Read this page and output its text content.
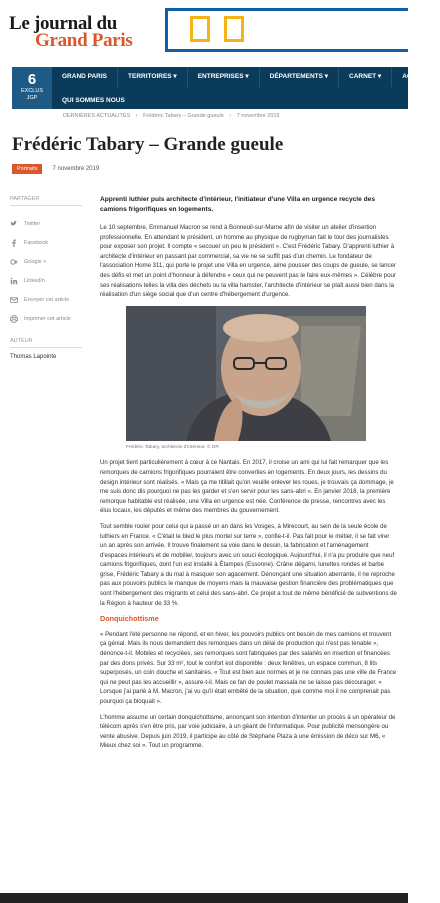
Le journal du
Grand Paris
6
EXCLUS
JGP
GRAND PARIS	TERRITOIRES ▾	ENTREPRISES ▾	DÉPARTEMENTS ▾	CARNET ▾	AGENDA
QUI SOMMES NOUS
DERNIÈRES ACTUALITÉS › Frédéric Tabary – Grande gueule › 7 novembre 2019
Frédéric Tabary – Grande gueule
Portraits	7 novembre 2019
PARTAGER
Twitter
Facebook
Google +
LinkedIn
Envoyer cet article
Imprimer cet article
AUTEUR
Thomas Lapointe

Apprenti luthier puis architecte d'intérieur, l'initiateur d'une Villa en urgence recycle des camions frigorifiques en logements.

Le 10 septembre, Emmanuel Macron se rend à Bonneuil-sur-Marne afin de visiter un atelier d'insertion professionnelle. En attendant le président, un homme au physique de rugbyman fait le tour des journalistes pour exposer son projet. Il compte « secouer un peu le président ». C'est Frédéric Tabary. D'apprenti luthier à architecte d'intérieur en passant par commercial, sa vie ne se suffit pas d'un chemin. Le fondateur de l'association Home 311, qui porte le projet une Villa en urgence, aime pousser des coups de gueule, se lancer des défis et met un point d'honneur à défendre « ceux qui ne peuvent pas le faire eux-mêmes ». Célèbre pour ses réalisations telles la villa des déchets ou la villa hamster, l'architecte d'intérieur se plaît aussi bien dans la réalisation d'un siège social que d'un centre d'hébergement d'urgence.

Frédéric Tabary, architecte d'intérieur. © DR

Un projet tient particulièrement à cœur à ce Nantais. En 2017, il croise un ami qui lui fait remarquer que les remorques de camions frigorifiques pourraient être converties en logements. En deux jours, les dessins du design intérieur sont réalisés. « Mais ça me titillait qu'on veuille enlever les roues, je trouvais ça dommage, je me suis donc dis pourquoi ne pas les garder et s'en servir pour les sans-abri ». En janvier 2018, la première remorque habitable est réalisée, une Villa en urgence est née. Conférence de presse, rencontres avec les élus locaux, les députés et même des membres du gouvernement.

Tout semble rouler pour celui qui a passé un an dans les Vosges, à Mirecourt, au sein de la seule école de luthiers en France. « C'était le bled le plus mortel sur terre », confie-t-il. Pas fait pour le métier, il se fait virer un an après son arrivée. Il trouve finalement sa voie dans le dessin, la fabrication et l'aménagement d'espaces intérieurs et de mobilier, toujours avec un souci écologique. Aujourd'hui, il n'a pu produire que neuf camions frigorifiques, dont l'un est installé à Étampes (Essonne). Crâne dégarni, lunettes rondes et barbe grise, Frédéric Tabary a du mal à masquer son agacement. Dénonçant une situation aberrante, il ne reproche pas aux pouvoirs publics le manque de moyens mais la mauvaise gestion financière des problématiques que sont l'hébergement des migrants et celui des sans-abri. Ce projet a tout de même bénéficié de subventions de la Région à hauteur de 33 %.

Donquichottisme

« Pendant l'été personne ne répond, et en hiver, les pouvoirs publics ont besoin de mes camions et trouvent ça génial. Mais ils nous demandent des remorques dans un délai de production qui n'est pas tenable », dénonce-t-il. Mobiles et recyclées, ses remorques sont fabriquées par des salariés en insertion et financées par des dons privés. Sur 33 m², tout le confort est disponible : deux fenêtres, un espace commun, 8 lits superposés, un coin douche et sanitaires. « Tout est bien aux normes et je ne connais pas une ville de France qui ne peut pas les accueillir », assure-t-il. Mais ce fan de poulet massala ne se laisse pas décourager. « Lorsque j'ai parlé à M. Macron, j'ai vu qu'il était embêté de la situation, que comme moi il ne comprenait pas pourquoi ça bloquait ».

L'homme assume un certain donquichottisme, annonçant son intention d'intenter un procès à un opérateur de télécom après s'en être pris, par voie judiciaire, à un géant de l'informatique. Pour publicité mensongère ou vente abusive. Depuis juin 2019, il participe au côté de Stéphane Plaza à une émission de déco sur M6, « Mieux chez soi ». Tout un programme.
